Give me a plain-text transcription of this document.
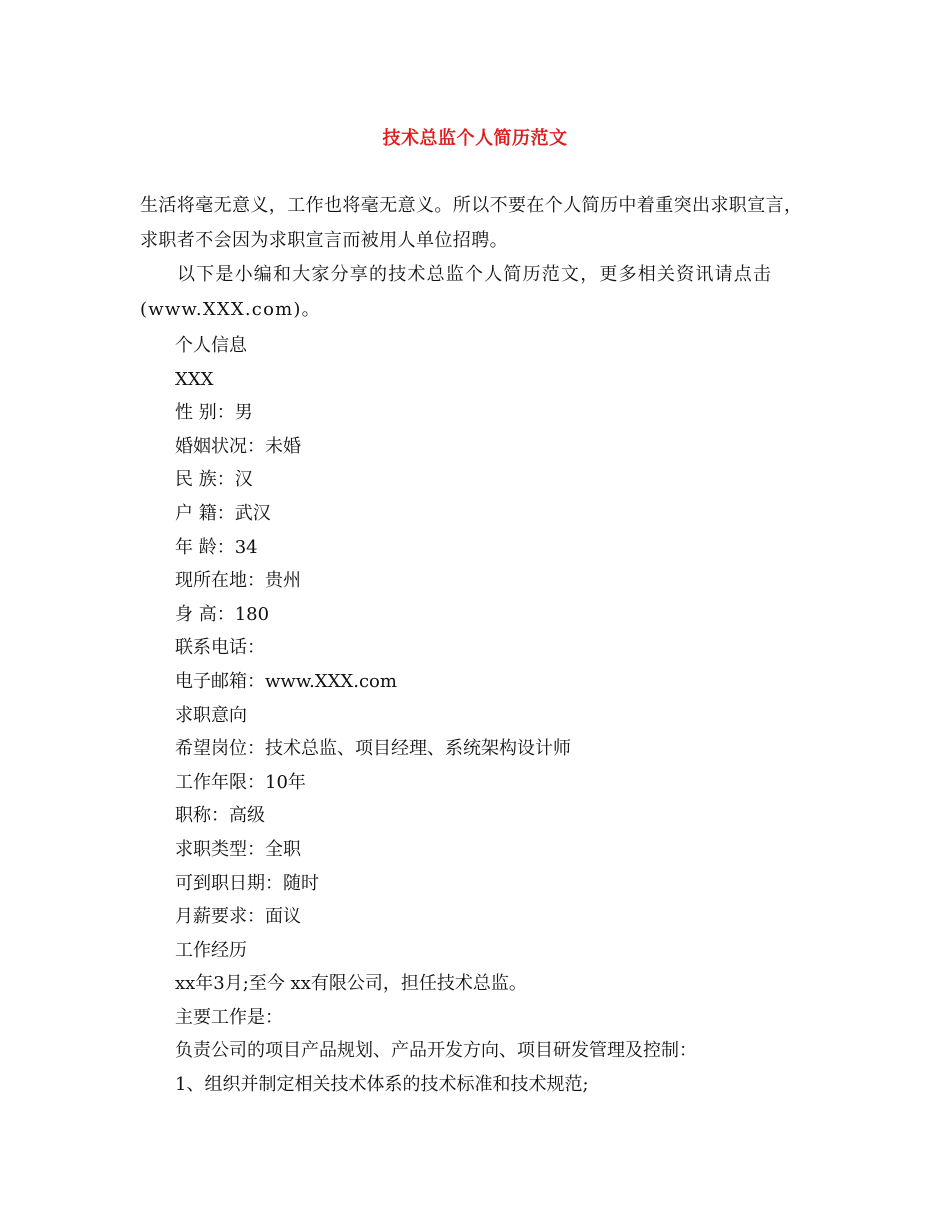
技术总监个人简历范文

生活将毫无意义，工作也将毫无意义。所以不要在个人简历中着重突出求职宣言，求职者不会因为求职宣言而被用人单位招聘。

以下是小编和大家分享的技术总监个人简历范文，更多相关资讯请点击(www.XXX.com)。

个人信息
XXX
性 别：男
婚姻状况：未婚
民 族：汉
户 籍：武汉
年 龄：34
现所在地：贵州
身 高：180
联系电话：
电子邮箱：www.XXX.com
求职意向
希望岗位：技术总监、项目经理、系统架构设计师
工作年限：10年
职称：高级
求职类型：全职
可到职日期：随时
月薪要求：面议
工作经历
xx年3月;至今 xx有限公司，担任技术总监。
主要工作是：
负责公司的项目产品规划、产品开发方向、项目研发管理及控制：
1、组织并制定相关技术体系的技术标准和技术规范;
